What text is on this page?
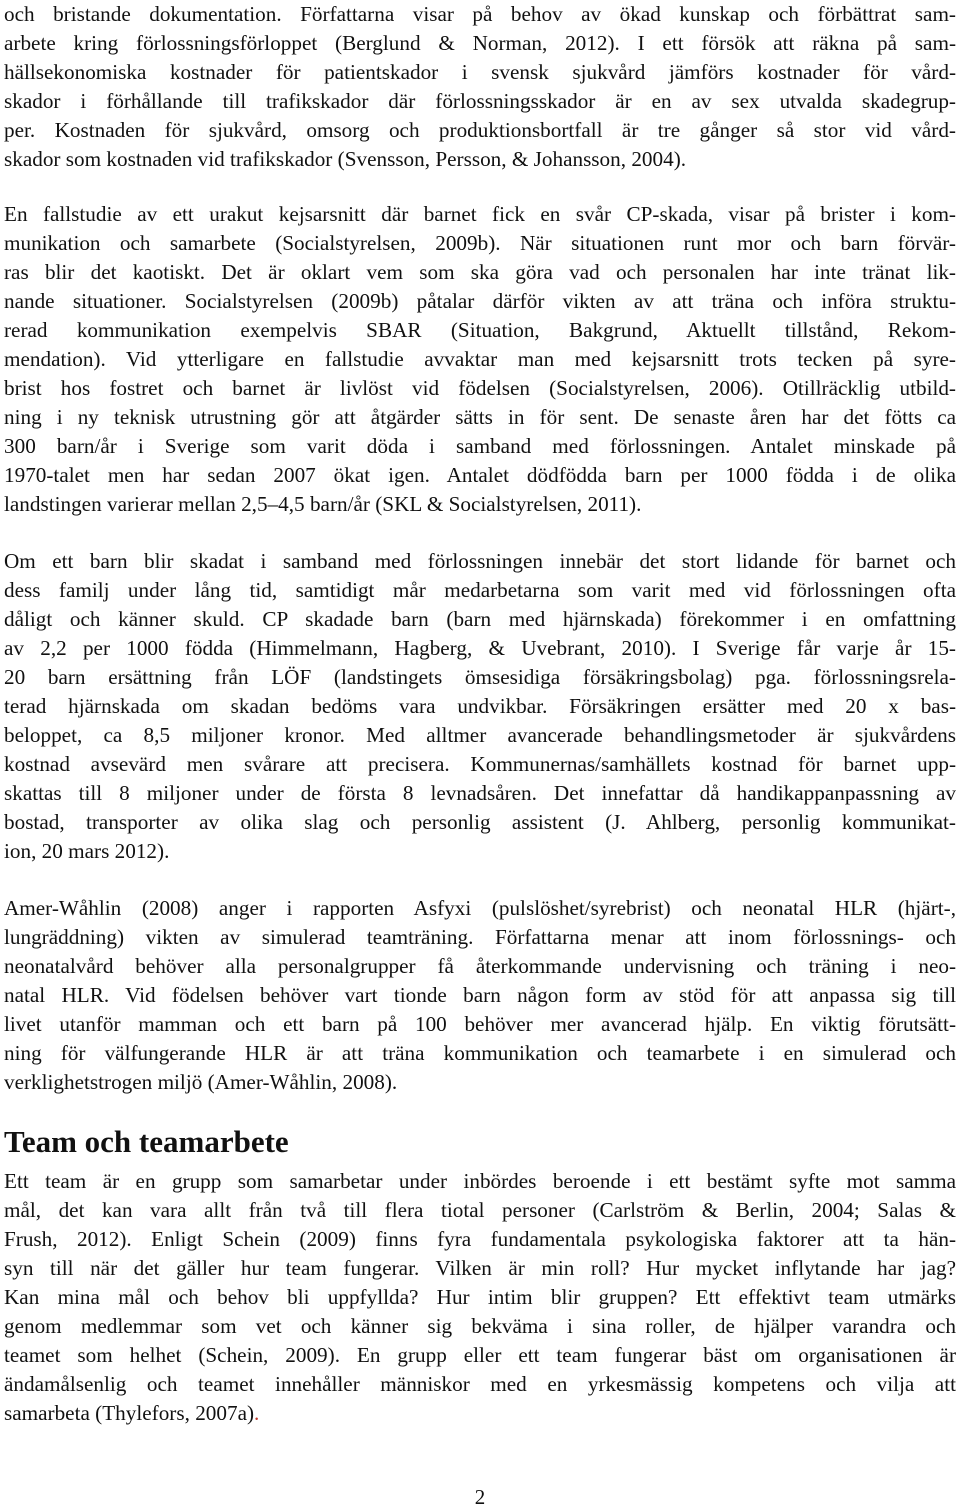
och bristande dokumentation. Författarna visar på behov av ökad kunskap och förbättrat sam-
arbete kring förlossningsförloppet (Berglund & Norman, 2012). I ett försök att räkna på sam-
hällsekonomiska kostnader för patientskador i svensk sjukvård jämförs kostnader för vård-
skador i förhållande till trafikskador där förlossningsskador är en av sex utvalda skadegrup-
per. Kostnaden för sjukvård, omsorg och produktionsbortfall är tre gånger så stor vid vård-
skador som kostnaden vid trafikskador (Svensson, Persson, & Johansson, 2004).
En fallstudie av ett urakut kejsarsnitt där barnet fick en svår CP-skada, visar på brister i kom-
munikation och samarbete (Socialstyrelsen, 2009b). När situationen runt mor och barn förvär-
ras blir det kaotiskt. Det är oklart vem som ska göra vad och personalen har inte tränat lik-
nande situationer. Socialstyrelsen (2009b) påtalar därför vikten av att träna och införa struktu-
rerad kommunikation exempelvis SBAR (Situation, Bakgrund, Aktuellt tillstånd, Rekom-
mendation). Vid ytterligare en fallstudie avvaktar man med kejsarsnitt trots tecken på syre-
brist hos fostret och barnet är livlöst vid födelsen (Socialstyrelsen, 2006). Otillräcklig utbild-
ning i ny teknisk utrustning gör att åtgärder sätts in för sent. De senaste åren har det fötts ca
300 barn/år i Sverige som varit döda i samband med förlossningen. Antalet minskade på
1970-talet men har sedan 2007 ökat igen. Antalet dödfödda barn per 1000 födda i de olika
landstingen varierar mellan 2,5–4,5 barn/år (SKL & Socialstyrelsen, 2011).
Om ett barn blir skadat i samband med förlossningen innebär det stort lidande för barnet och
dess familj under lång tid, samtidigt mår medarbetarna som varit med vid förlossningen ofta
dåligt och känner skuld. CP skadade barn (barn med hjärnskada) förekommer i en omfattning
av 2,2 per 1000 födda (Himmelmann, Hagberg, & Uvebrant, 2010). I Sverige får varje år 15-
20 barn ersättning från LÖF (landstingets ömsesidiga försäkringsbolag) pga. förlossningsrela-
terad hjärnskada om skadan bedöms vara undvikbar. Försäkringen ersätter med 20 x bas-
beloppet, ca 8,5 miljoner kronor. Med alltmer avancerade behandlingsmetoder är sjukvårdens
kostnad avsevärd men svårare att precisera. Kommunernas/samhällets kostnad för barnet upp-
skattas till 8 miljoner under de första 8 levnadsåren. Det innefattar då handikappanpassning av
bostad, transporter av olika slag och personlig assistent (J. Ahlberg, personlig kommunikat-
ion, 20 mars 2012).
Amer-Wåhlin (2008) anger i rapporten Asfyxi (pulslöshet/syrebrist) och neonatal HLR (hjärt-,
lungräddning) vikten av simulerad teamträning. Författarna menar att inom förlossnings- och
neonatalvård behöver alla personalgrupper få återkommande undervisning och träning i neo-
natal HLR. Vid födelsen behöver vart tionde barn någon form av stöd för att anpassa sig till
livet utanför mamman och ett barn på 100 behöver mer avancerad hjälp. En viktig förutsätt-
ning för välfungerande HLR är att träna kommunikation och teamarbete i en simulerad och
verklighetstrogen miljö (Amer-Wåhlin, 2008).
Team och teamarbete
Ett team är en grupp som samarbetar under inbördes beroende i ett bestämt syfte mot samma
mål, det kan vara allt från två till flera tiotal personer (Carlström & Berlin, 2004; Salas &
Frush, 2012). Enligt Schein (2009) finns fyra fundamentala psykologiska faktorer att ta hän-
syn till när det gäller hur team fungerar. Vilken är min roll? Hur mycket inflytande har jag?
Kan mina mål och behov bli uppfyllda? Hur intim blir gruppen? Ett effektivt team utmärks
genom medlemmar som vet och känner sig bekväma i sina roller, de hjälper varandra och
teamet som helhet (Schein, 2009). En grupp eller ett team fungerar bäst om organisationen är
ändamålsenlig och teamet innehåller människor med en yrkesmässig kompetens och vilja att
samarbeta (Thylefors, 2007a).
2
